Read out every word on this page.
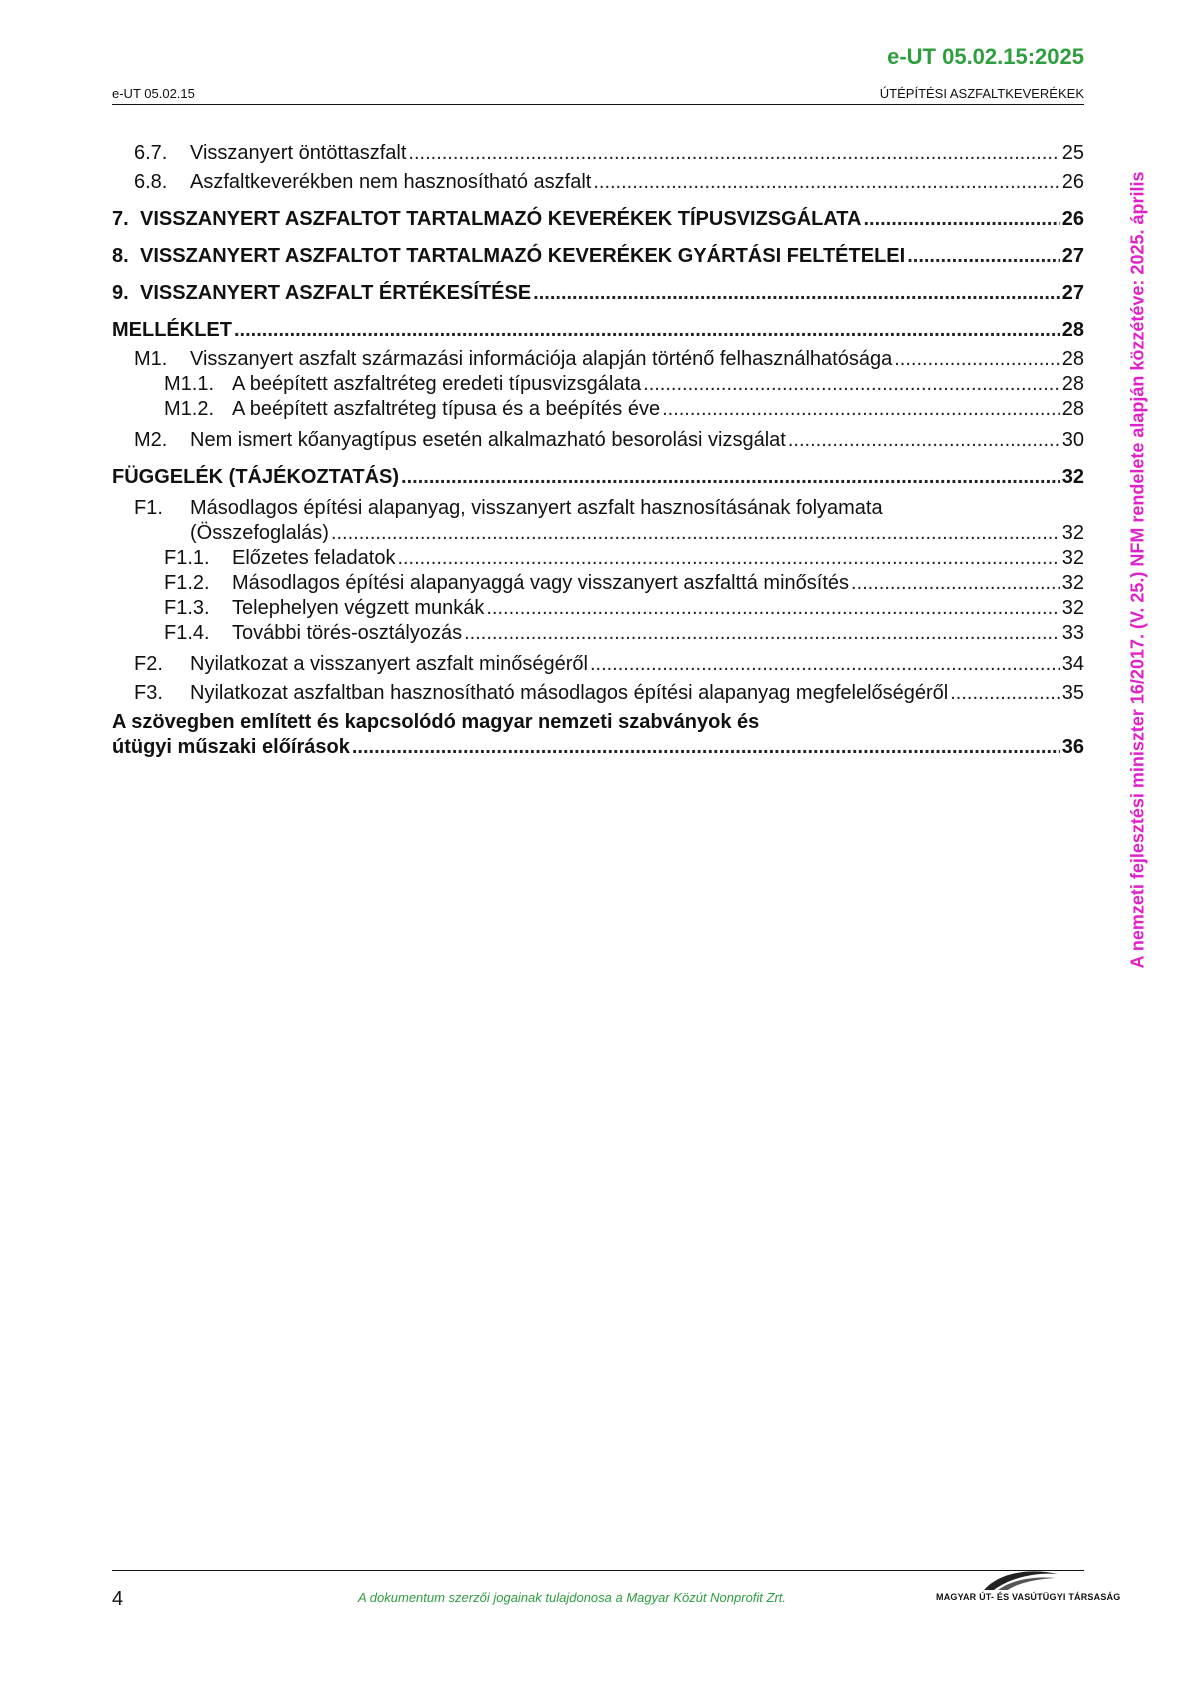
e-UT 05.02.15:2025
e-UT 05.02.15	ÚTÉPÍTÉSI ASZFALTKEVERÉKEK
A nemzeti fejlesztési miniszter 16/2017. (V. 25.) NFM rendelete alapján közzétéve: 2025. április
6.7.	Visszanyert öntöttaszfalt .....	25
6.8.	Aszfaltkeverékben nem hasznosítható aszfalt .....	26
7. VISSZANYERT ASZFALTOT TARTALMAZÓ KEVERÉKEK TÍPUSVIZSGÁLATA .....	26
8. VISSZANYERT ASZFALTOT TARTALMAZÓ KEVERÉKEK GYÁRTÁSI FELTÉTELEI .....	27
9. VISSZANYERT ASZFALT ÉRTÉKESÍTÉSE .....	27
MELLÉKLET .....	28
M1.	Visszanyert aszfalt származási információja alapján történő felhasználhatósága .....	28
M1.1. A beépített aszfaltréteg eredeti típusvizsgálata .....	28
M1.2. A beépített aszfaltréteg típusa és a beépítés éve .....	28
M2.	Nem ismert kőanyagtípus esetén alkalmazható besorolási vizsgálat .....	30
FÜGGELÉK (TÁJÉKOZTATÁS) .....	32
F1.	Másodlagos építési alapanyag, visszanyert aszfalt hasznosításának folyamata
(Összefoglalás) .....	32
F1.1.	Előzetes feladatok .....	32
F1.2.	Másodlagos építési alapanyaggá vagy visszanyert aszfalttá minősítés .....	32
F1.3.	Telephelyen végzett munkák .....	32
F1.4.	További törés-osztályozás .....	33
F2.	Nyilatkozat a visszanyert aszfalt minőségéről .....	34
F3.	Nyilatkozat aszfaltban hasznosítható másodlagos építési alapanyag megfelelőségéről .....	35
A szövegben említett és kapcsolódó magyar nemzeti szabványok és
útügyi műszaki előírások .....	36
4	A dokumentum szerzői jogainak tulajdonosa a Magyar Közút Nonprofit Zrt.	MAGYAR ÚT- ÉS VASÚTÜGYI TÁRSASÁG
